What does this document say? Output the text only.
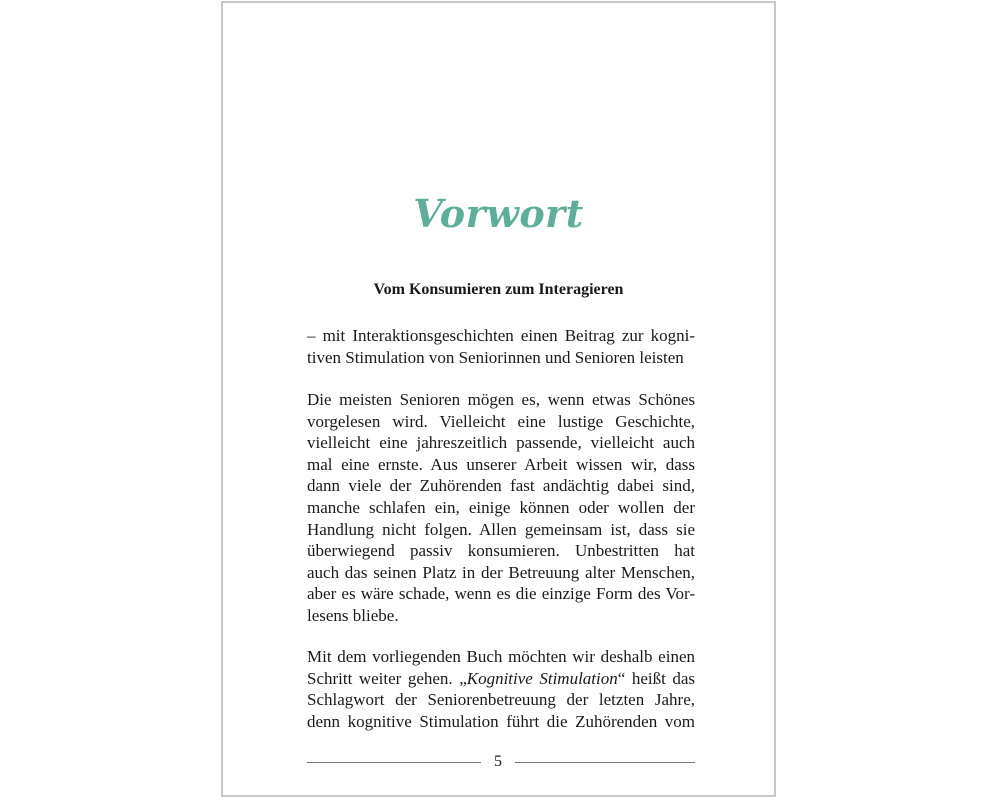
Vorwort
Vom Konsumieren zum Interagieren
– mit Interaktionsgeschichten einen Beitrag zur kogni-
tiven Stimulation von Seniorinnen und Senioren leisten
Die meisten Senioren mögen es, wenn etwas Schönes
vorgelesen wird. Vielleicht eine lustige Geschichte,
vielleicht eine jahreszeitlich passende, vielleicht auch
mal eine ernste. Aus unserer Arbeit wissen wir, dass
dann viele der Zuhörenden fast andächtig dabei sind,
manche schlafen ein, einige können oder wollen der
Handlung nicht folgen. Allen gemeinsam ist, dass sie
überwiegend passiv konsumieren. Unbestritten hat
auch das seinen Platz in der Betreuung alter Menschen,
aber es wäre schade, wenn es die einzige Form des Vor-
lesens bliebe.
Mit dem vorliegenden Buch möchten wir deshalb einen
Schritt weiter gehen. „Kognitive Stimulation“ heißt das
Schlagwort der Seniorenbetreuung der letzten Jahre,
denn kognitive Stimulation führt die Zuhörenden vom
5
